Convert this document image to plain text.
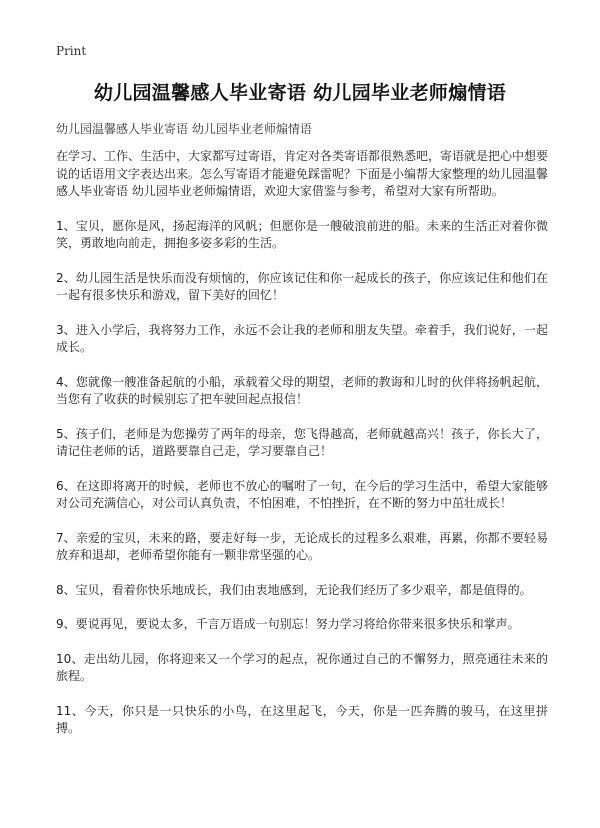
Print
幼儿园温馨感人毕业寄语 幼儿园毕业老师煽情语
幼儿园温馨感人毕业寄语 幼儿园毕业老师煽情语

在学习、工作、生活中，大家都写过寄语，肯定对各类寄语都很熟悉吧，寄语就是把心中想要说的话语用文字表达出来。怎么写寄语才能避免踩雷呢？下面是小编帮大家整理的幼儿园温馨感人毕业寄语 幼儿园毕业老师煽情语，欢迎大家借鉴与参考，希望对大家有所帮助。

1、宝贝，愿你是风，扬起海洋的风帆；但愿你是一艘破浪前进的船。未来的生活正对着你微笑，勇敢地向前走，拥抱多姿多彩的生活。

2、幼儿园生活是快乐而没有烦恼的，你应该记住和你一起成长的孩子，你应该记住和他们在一起有很多快乐和游戏，留下美好的回忆！

3、进入小学后，我将努力工作，永远不会让我的老师和朋友失望。牵着手，我们说好，一起成长。

4、您就像一艘准备起航的小船，承载着父母的期望，老师的教诲和儿时的伙伴将扬帆起航，当您有了收获的时候别忘了把车驶回起点报信！

5、孩子们，老师是为您操劳了两年的母亲，您飞得越高，老师就越高兴！孩子，你长大了，请记住老师的话，道路要靠自己走，学习要靠自己！

6、在这即将离开的时候，老师也不放心的嘱咐了一句，在今后的学习生活中，希望大家能够对公司充满信心，对公司认真负责，不怕困难，不怕挫折，在不断的努力中茁壮成长！

7、亲爱的宝贝，未来的路，要走好每一步，无论成长的过程多么艰难，再累，你都不要轻易放弃和退却，老师希望你能有一颗非常坚强的心。

8、宝贝，看着你快乐地成长，我们由衷地感到，无论我们经历了多少艰辛，都是值得的。

9、要说再见，要说太多，千言万语成一句别忘！努力学习将给你带来很多快乐和掌声。

10、走出幼儿园，你将迎来又一个学习的起点，祝你通过自己的不懈努力，照亮通往未来的旅程。

11、今天，你只是一只快乐的小鸟，在这里起飞，今天，你是一匹奔腾的骏马，在这里拼搏。
